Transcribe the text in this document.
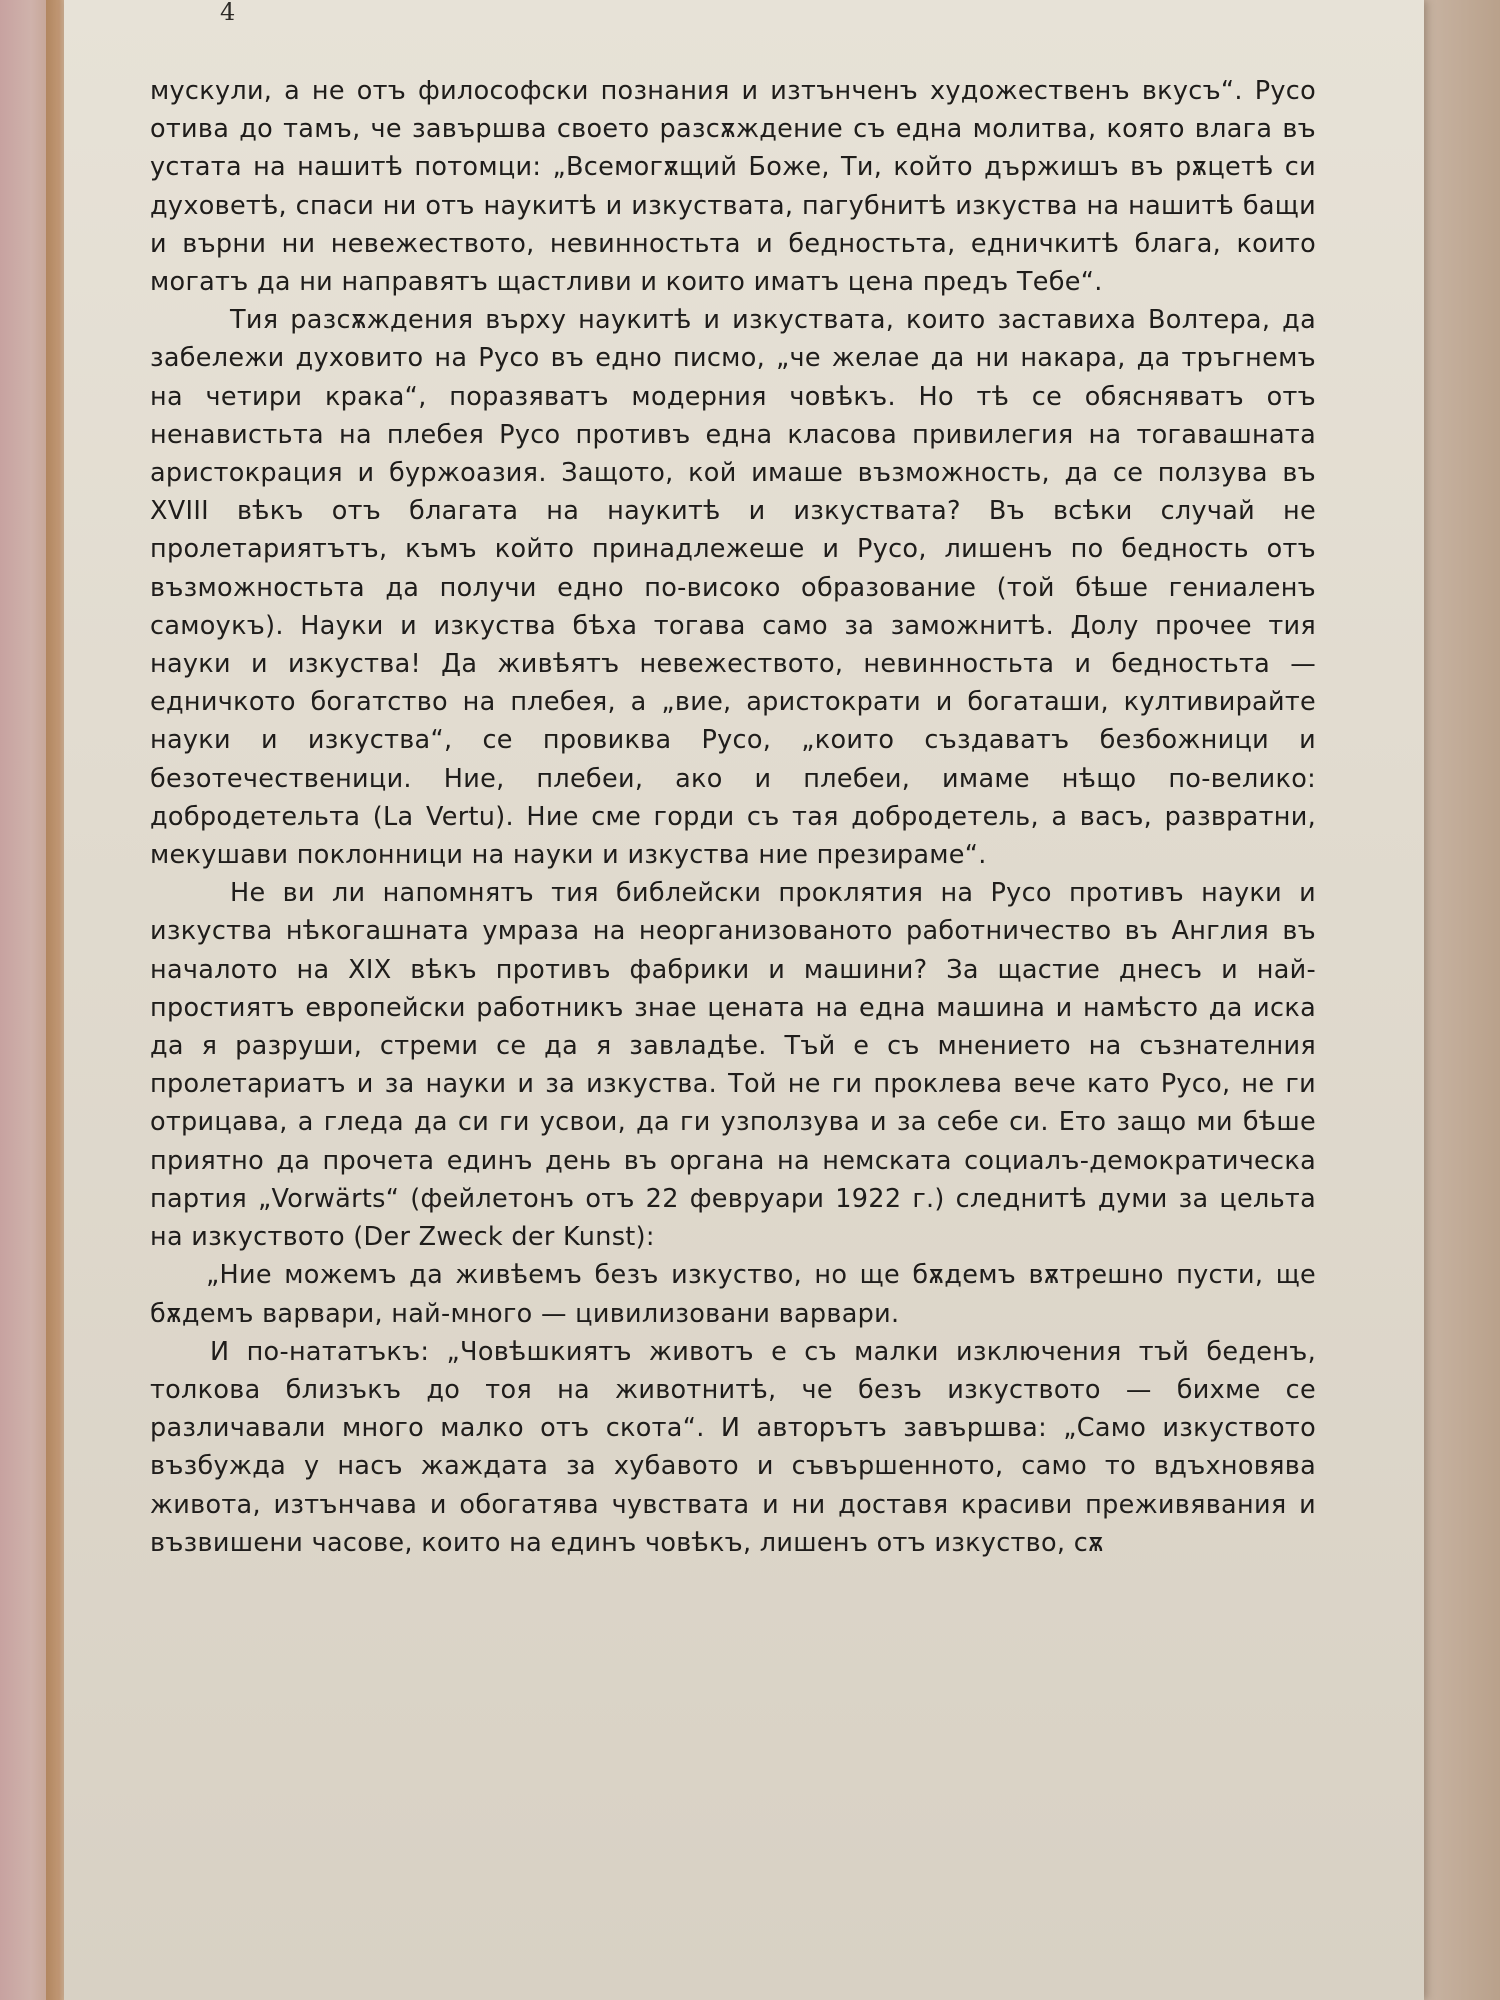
4

мускули, а не отъ философски познания и изтънченъ художественъ вкусъ“. Русо отива до тамъ, че завършва своето разсѫждение съ една молитва, която влага въ устата на нашитѣ потомци: „Всемогѫщий Боже, Ти, който държишъ въ рѫцетѣ си духоветѣ, спаси ни отъ наукитѣ и изкуствата, пагубнитѣ изкуства на нашитѣ бащи и върни ни невежеството, невинностьта и бедностьта, едничкитѣ блага, които могатъ да ни направятъ щастливи и които иматъ цена предъ Тебе“.

Тия разсѫждения върху наукитѣ и изкуствата, които заставиха Волтера, да забележи духовито на Русо въ едно писмо, „че желае да ни накара, да тръгнемъ на четири крака“, поразяватъ модерния човѣкъ. Но тѣ се обясняватъ отъ ненавистьта на плебея Русо противъ една класова привилегия на тогавашната аристокрация и буржоазия. Защото, кой имаше възможность, да се ползува въ XVIII вѣкъ отъ благата на наукитѣ и изкуствата? Въ всѣки случай не пролетариятътъ, къмъ който принадлежеше и Русо, лишенъ по бедность отъ възможностьта да получи едно по-високо образование (той бѣше гениаленъ самоукъ). Науки и изкуства бѣха тогава само за заможнитѣ. Долу прочее тия науки и изкуства! Да живѣятъ невежеството, невинностьта и бедностьта — едничкото богатство на плебея, а „вие, аристократи и богаташи, култивирайте науки и изкуства“, се провиква Русо, „които създаватъ безбожници и безотечественици. Ние, плебеи, ако и плебеи, имаме нѣщо по-велико: добродетельта (La Vertu). Ние сме горди съ тая добродетель, а васъ, развратни, мекушави поклонници на науки и изкуства ние презираме“.

Не ви ли напомнятъ тия библейски проклятия на Русо противъ науки и изкуства нѣкогашната умраза на неорганизованото работничество въ Англия въ началото на XIX вѣкъ противъ фабрики и машини? За щастие днесъ и най-простиятъ европейски работникъ знае цената на една машина и намѣсто да иска да я разруши, стреми се да я завладѣе. Тъй е съ мнението на съзнателния пролетариатъ и за науки и за изкуства. Той не ги проклева вече като Русо, не ги отрицава, а гледа да си ги усвои, да ги узползува и за себе си. Ето защо ми бѣше приятно да прочета единъ день въ органа на немската социалъ-демократическа партия „Vorwärts“ (фейлетонъ отъ 22 февруари 1922 г.) следнитѣ думи за цельта на изкуството (Der Zweck der Kunst):

„Ние можемъ да живѣемъ безъ изкуство, но ще бѫдемъ вѫтрешно пусти, ще бѫдемъ варвари, най-много — цивилизовани варвари.

И по-нататъкъ: „Човѣшкиятъ животъ е съ малки изключения тъй беденъ, толкова близъкъ до тоя на животнитѣ, че безъ изкуството — бихме се различавали много малко отъ скота“. И авторътъ завършва: „Само изкуството възбужда у насъ жаждата за хубавото и съвършенното, само то вдъхновява живота, изтънчава и обогатява чувствата и ни доставя красиви преживявания и възвишени часове, които на единъ човѣкъ, лишенъ отъ изкуство, сѫ
